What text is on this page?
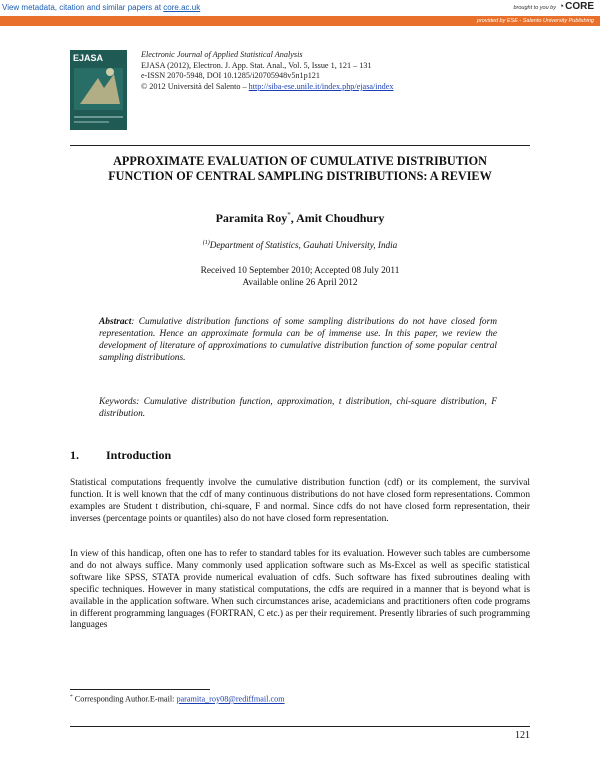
View metadata, citation and similar papers at core.ac.uk	brought to you by ◔CORE
provided by ESE - Salento University Publishing
EJASA	Electronic Journal of Applied Statistical Analysis
EJASA (2012), Electron. J. App. Stat. Anal., Vol. 5, Issue 1, 121 – 131
e-ISSN 2070-5948, DOI 10.1285/i20705948v5n1p121
© 2012 Università del Salento – http://siba-ese.unile.it/index.php/ejasa/index
APPROXIMATE EVALUATION OF CUMULATIVE DISTRIBUTION
FUNCTION OF CENTRAL SAMPLING DISTRIBUTIONS: A REVIEW
Paramita Roy*, Amit Choudhury
$^{(1)}$Department of Statistics, Gauhati University, India
Received 10 September 2010; Accepted 08 July 2011
Available online 26 April 2012
Abstract: Cumulative distribution functions of some sampling distributions do not have closed form representation. Hence an approximate formula can be of immense use. In this paper, we review the development of literature of approximations to cumulative distribution function of some popular central sampling distributions.
Keywords: Cumulative distribution function, approximation, t distribution, chi-square distribution, F distribution.
1. Introduction
Statistical computations frequently involve the cumulative distribution function (cdf) or its complement, the survival function. It is well known that the cdf of many continuous distributions do not have closed form representations. Common examples are Student t distribution, chi-square, F and normal. Since cdfs do not have closed form representation, their inverses (percentage points or quantiles) also do not have closed form representation.
In view of this handicap, often one has to refer to standard tables for its evaluation. However such tables are cumbersome and do not always suffice. Many commonly used application software such as Ms-Excel as well as specific statistical software like SPSS, STATA provide numerical evaluation of cdfs. Such software has fixed subroutines dealing with specific techniques. However in many statistical computations, the cdfs are required in a manner that is beyond what is available in the application software. When such circumstances arise, academicians and practitioners often code programs in different programming languages (FORTRAN, C etc.) as per their requirement. Presently libraries of such programming languages
* Corresponding Author.E-mail: paramita_roy08@rediffmail.com
121
